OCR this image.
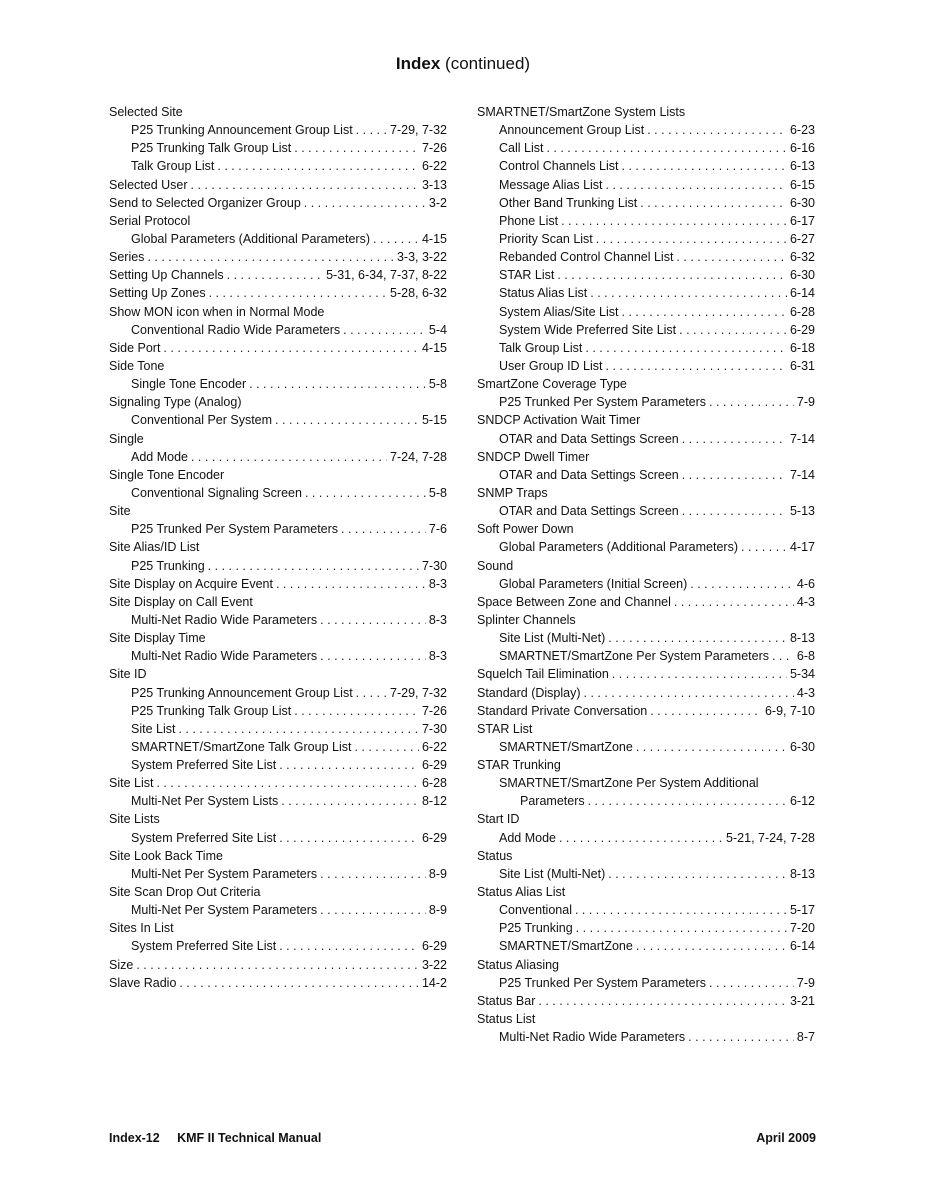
Index (continued)
Selected Site
P25 Trunking Announcement Group List . . .	7-29, 7-32
P25 Trunking Talk Group List . . .	7-26
Talk Group List . . .	6-22
Selected User . . .	3-13
Send to Selected Organizer Group . . .	3-2
Serial Protocol
Global Parameters (Additional Parameters) . . .	4-15
Series . . .	3-3, 3-22
Setting Up Channels . . .	5-31, 6-34, 7-37, 8-22
Setting Up Zones . . .	5-28, 6-32
Show MON icon when in Normal Mode
Conventional Radio Wide Parameters . . .	5-4
Side Port . . .	4-15
Side Tone
Single Tone Encoder . . .	5-8
Signaling Type (Analog)
Conventional Per System . . .	5-15
Single
Add Mode . . .	7-24, 7-28
Single Tone Encoder
Conventional Signaling Screen . . .	5-8
Site
P25 Trunked Per System Parameters . . .	7-6
Site Alias/ID List
P25 Trunking . . .	7-30
Site Display on Acquire Event . . .	8-3
Site Display on Call Event
Multi-Net Radio Wide Parameters . . .	8-3
Site Display Time
Multi-Net Radio Wide Parameters . . .	8-3
Site ID
P25 Trunking Announcement Group List . . .	7-29, 7-32
P25 Trunking Talk Group List . . .	7-26
Site List . . .	7-30
SMARTNET/SmartZone Talk Group List . . .	6-22
System Preferred Site List . . .	6-29
Site List . . .	6-28
Multi-Net Per System Lists . . .	8-12
Site Lists
System Preferred Site List . . .	6-29
Site Look Back Time
Multi-Net Per System Parameters . . .	8-9
Site Scan Drop Out Criteria
Multi-Net Per System Parameters . . .	8-9
Sites In List
System Preferred Site List . . .	6-29
Size . . .	3-22
Slave Radio . . .	14-2
SMARTNET/SmartZone System Lists
Announcement Group List . . .	6-23
Call List . . .	6-16
Control Channels List . . .	6-13
Message Alias List . . .	6-15
Other Band Trunking List . . .	6-30
Phone List . . .	6-17
Priority Scan List . . .	6-27
Rebanded Control Channel List . . .	6-32
STAR List . . .	6-30
Status Alias List . . .	6-14
System Alias/Site List . . .	6-28
System Wide Preferred Site List . . .	6-29
Talk Group List . . .	6-18
User Group ID List . . .	6-31
SmartZone Coverage Type
P25 Trunked Per System Parameters . . .	7-9
SNDCP Activation Wait Timer
OTAR and Data Settings Screen . . .	7-14
SNDCP Dwell Timer
OTAR and Data Settings Screen . . .	7-14
SNMP Traps
OTAR and Data Settings Screen . . .	5-13
Soft Power Down
Global Parameters (Additional Parameters) . . .	4-17
Sound
Global Parameters (Initial Screen) . . .	4-6
Space Between Zone and Channel . . .	4-3
Splinter Channels
Site List (Multi-Net) . . .	8-13
SMARTNET/SmartZone Per System Parameters . . . 6-8
Squelch Tail Elimination . . .	5-34
Standard (Display) . . .	4-3
Standard Private Conversation . . .	6-9, 7-10
STAR List
SMARTNET/SmartZone . . .	6-30
STAR Trunking
SMARTNET/SmartZone Per System Additional
Parameters . . .	6-12
Start ID
Add Mode . . .	5-21, 7-24, 7-28
Status
Site List (Multi-Net) . . .	8-13
Status Alias List
Conventional . . .	5-17
P25 Trunking . . .	7-20
SMARTNET/SmartZone . . .	6-14
Status Aliasing
P25 Trunked Per System Parameters . . .	7-9
Status Bar . . .	3-21
Status List
Multi-Net Radio Wide Parameters . . .	8-7
Index-12 KMF II Technical Manual	April 2009
